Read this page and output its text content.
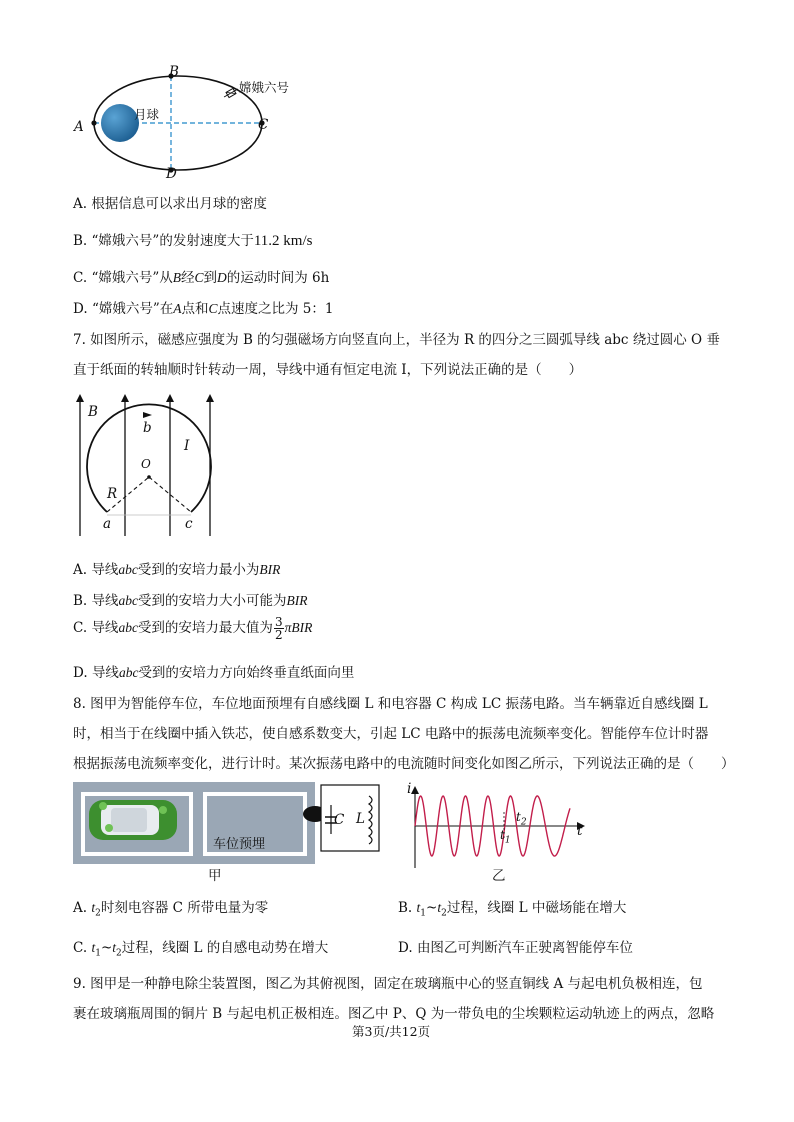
B
A	C
D
月球
嫦娥六号
A. 根据信息可以求出月球的密度
B. “嫦娥六号”的发射速度大于11.2 km/s
C. “嫦娥六号”从B经C到D的运动时间为 6h
D. “嫦娥六号”在A点和C点速度之比为 5：1
7. 如图所示，磁感应强度为 B 的匀强磁场方向竖直向上，半径为 R 的四分之三圆弧导线 abc 绕过圆心 O 垂
直于纸面的转轴顺时针转动一周，导线中通有恒定电流 I，下列说法正确的是（　　）
B
b
I
O
R
a	c
A. 导线abc受到的安培力最小为BIR
B. 导线abc受到的安培力大小可能为BIR
C. 导线abc受到的安培力最大值为 $\frac{3}{2}$ πBIR
D. 导线abc受到的安培力方向始终垂直纸面向里
8. 图甲为智能停车位，车位地面预埋有自感线圈 L 和电容器 C 构成 LC 振荡电路。当车辆靠近自感线圈 L
时，相当于在线圈中插入铁芯，使自感系数变大，引起 LC 电路中的振荡电流频率变化。智能停车位计时器
根据振荡电流频率变化，进行计时。某次振荡电路中的电流随时间变化如图乙所示，下列说法正确的是（　　）
车位预埋
C L
甲
i
t
$t_1$
$t_2$
乙
A. $t_2$时刻电容器 C 所带电量为零	B. $t_1\sim t_2$过程，线圈 L 中磁场能在增大
C. $t_1\sim t_2$过程，线圈 L 的自感电动势在增大	D. 由图乙可判断汽车正驶离智能停车位
9. 图甲是一种静电除尘装置图，图乙为其俯视图，固定在玻璃瓶中心的竖直铜线 A 与起电机负极相连，包
裹在玻璃瓶周围的铜片 B 与起电机正极相连。图乙中 P、Q 为一带负电的尘埃颗粒运动轨迹上的两点，忽略
第3页/共12页
